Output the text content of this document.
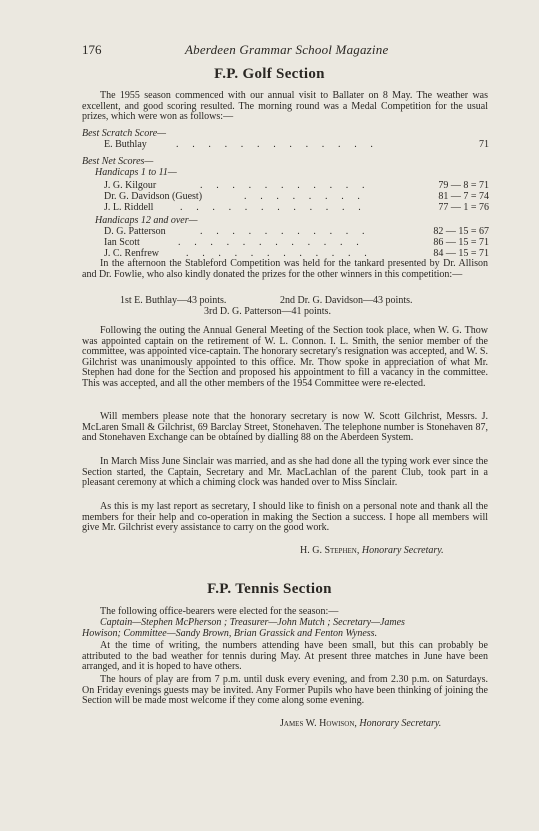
176	Aberdeen Grammar School Magazine
F.P. Golf Section
The 1955 season commenced with our annual visit to Ballater on 8 May. The weather was excellent, and good scoring resulted. The morning round was a Medal Competition for the usual prizes, which were won as follows:—
Best Scratch Score—
E. Buthlay	. . . . . . . . . . . . .	71
Best Net Scores—
Handicaps 1 to 11—
J. G. Kilgour	. . . . . . . . . . .	79 — 8 = 71
Dr. G. Davidson (Guest)	. . . . . . . .	81 — 7 = 74
J. L. Riddell	. . . . . . . . . . . .	77 — 1 = 76
Handicaps 12 and over—
D. G. Patterson	. . . . . . . . . . .	82 — 15 = 67
Ian Scott	. . . . . . . . . . . .	86 — 15 = 71
J. C. Renfrew	. . . . . . . . . . . .	84 — 15 = 71
In the afternoon the Stableford Competition was held for the tankard presented by Dr. Allison and Dr. Fowlie, who also kindly donated the prizes for the other winners in this competition:—
1st E. Buthlay—43 points.	2nd Dr. G. Davidson—43 points.
3rd D. G. Patterson—41 points.
Following the outing the Annual General Meeting of the Section took place, when W. G. Thow was appointed captain on the retirement of W. L. Connon. I. L. Smith, the senior member of the committee, was appointed vice-captain. The honorary secretary's resignation was accepted, and W. S. Gilchrist was unanimously appointed to this office. Mr. Thow spoke in appreciation of what Mr. Stephen had done for the Section and proposed his appointment to fill a vacancy in the committee. This was accepted, and all the other members of the 1954 Committee were re-elected.
Will members please note that the honorary secretary is now W. Scott Gilchrist, Messrs. J. McLaren Small & Gilchrist, 69 Barclay Street, Stonehaven. The telephone number is Stonehaven 87, and Stonehaven Exchange can be obtained by dialling 88 on the Aberdeen System.
In March Miss June Sinclair was married, and as she had done all the typing work ever since the Section started, the Captain, Secretary and Mr. MacLachlan of the parent Club, took part in a pleasant ceremony at which a chiming clock was handed over to Miss Sinclair.
As this is my last report as secretary, I should like to finish on a personal note and thank all the members for their help and co-operation in making the Section a success. I hope all members will give Mr. Gilchrist every assistance to carry on the good work.
H. G. Stephen, Honorary Secretary.
F.P. Tennis Section
The following office-bearers were elected for the season:—
Captain—Stephen McPherson ; Treasurer—John Mutch ; Secretary—James
Howison; Committee—Sandy Brown, Brian Grassick and Fenton Wyness.
At the time of writing, the numbers attending have been small, but this can probably be attributed to the bad weather for tennis during May. At present three matches in June have been arranged, and it is hoped to have others.
The hours of play are from 7 p.m. until dusk every evening, and from 2.30 p.m. on Saturdays. On Friday evenings guests may be invited. Any Former Pupils who have been thinking of joining the Section will be made most welcome if they come along some evening.
James W. Howison, Honorary Secretary.
